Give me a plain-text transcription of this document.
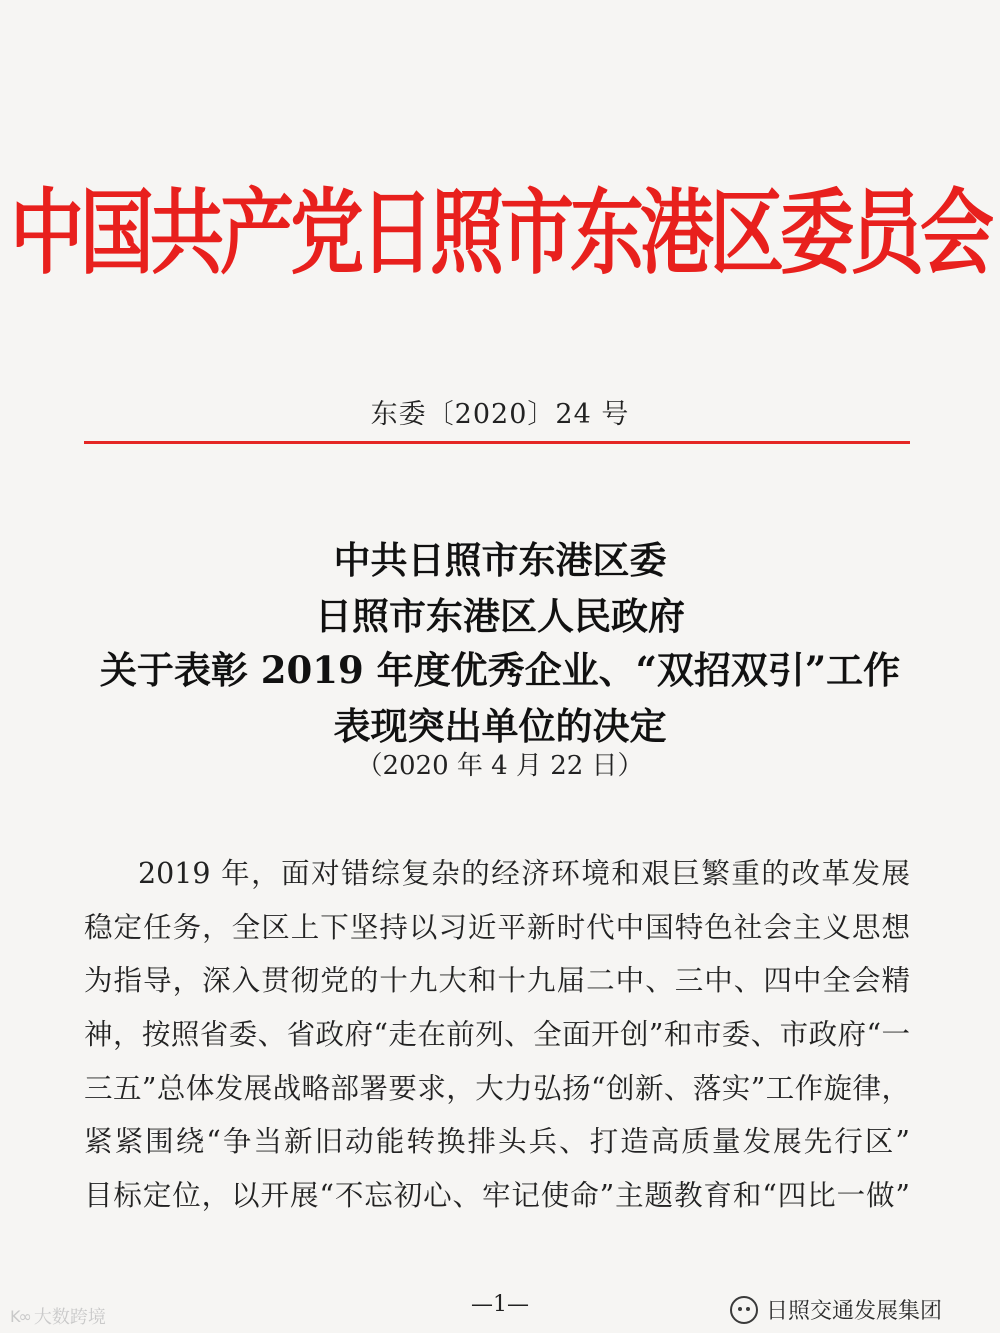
中国共产党日照市东港区委员会
东委〔2020〕24 号
中共日照市东港区委
日照市东港区人民政府
关于表彰 2019 年度优秀企业、“双招双引”工作
表现突出单位的决定
（2020 年 4 月 22 日）
2019 年，面对错综复杂的经济环境和艰巨繁重的改革发展
稳定任务，全区上下坚持以习近平新时代中国特色社会主义思想
为指导，深入贯彻党的十九大和十九届二中、三中、四中全会精
神，按照省委、省政府“走在前列、全面开创”和市委、市政府“一
三五”总体发展战略部署要求，大力弘扬“创新、落实”工作旋律，
紧紧围绕“争当新旧动能转换排头兵、打造高质量发展先行区”
目标定位，以开展“不忘初心、牢记使命”主题教育和“四比一做”
—1—
K∞ 大数跨境	日照交通发展集团
